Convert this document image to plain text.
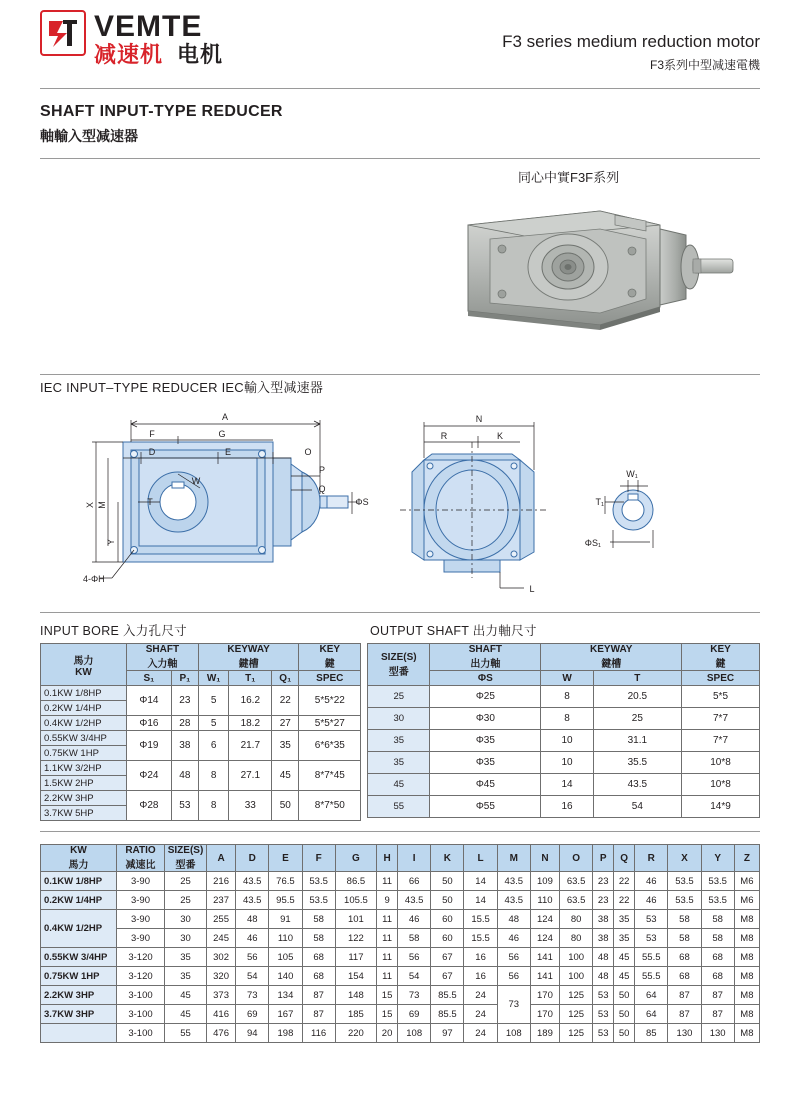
VEMTE
减速机 电机
F3 series medium reduction motor
F3系列中型减速電機
SHAFT INPUT-TYPE REDUCER
軸輸入型减速器
同心中實F3F系列
IEC INPUT–TYPE REDUCER IEC輸入型减速器
A
F	G
D	E	O
P
Q
ΦS
X M
Y
T
W
4-ΦH
N
R	K
L
W₁
T₁
ΦS₁
INPUT BORE 入力孔尺寸	OUTPUT SHAFT 出力軸尺寸
馬力
KW

SHAFT
入力軸

KEYWAY
鍵槽

KEY
鍵

	S₁	P₁	W₁	T₁	Q₁	SPEC
0.1KW 1/8HP	Φ14	23	5	16.2	22	5*5*22
0.2KW 1/4HP						
0.4KW 1/2HP	Φ16	28	5	18.2	27	5*5*27
0.55KW 3/4HP	Φ19	38	6	21.7	35	6*6*35
0.75KW 1HP						
1.1KW 3/2HP	Φ24	48	8	27.1	45	8*7*45
1.5KW 2HP						
2.2KW 3HP	Φ28	53	8	33	50	8*7*50
3.7KW 5HP						
SIZE(S)
型番

SHAFT
出力軸

KEYWAY
鍵槽

KEY
鍵

	ΦS	W	T	SPEC
25	Φ25	8	20.5	5*5
30	Φ30	8	25	7*7
35	Φ35	10	31.1	7*7
35	Φ35	10	35.5	10*8
45	Φ45	14	43.5	10*8
55	Φ55	16	54	14*9
KW
馬力

RATIO
减速比

SIZE(S)
型番
	A	D	E	F	G	H	I	K	L	M	N	O	P	Q	R	X	Y	Z
0.1KW 1/8HP	3-90	25	216	43.5	76.5	53.5	86.5	11	66	50	14	43.5	109	63.5	23	22	46	53.5	53.5	M6
0.2KW 1/4HP	3-90	25	237	43.5	95.5	53.5	105.5	9	43.5	50	14	43.5	110	63.5	23	22	46	53.5	53.5	M6
0.4KW 1/2HP	3-90	30	255	48	91	58	101	11	46	60	15.5	48	124	80	38	35	53	58	58	M8
	3-90	30	245	46	110	58	122	11	58	60	15.5	46	124	80	38	35	53	58	58	M8
0.55KW 3/4HP	3-120	35	302	56	105	68	117	11	56	67	16	56	141	100	48	45	55.5	68	68	M8
0.75KW 1HP	3-120	35	320	54	140	68	154	11	54	67	16	56	141	100	48	45	55.5	68	68	M8
2.2KW 3HP	3-100	45	373	73	134	87	148	15	73	85.5	24	73	170	125	53	50	64	87	87	M8
3.7KW 3HP	3-100	45	416	69	167	87	185	15	69	85.5	24		170	125	53	50	64	87	87	M8
	3-100	55	476	94	198	116	220	20	108	97	24	108	189	125	53	50	85	130	130	M8
